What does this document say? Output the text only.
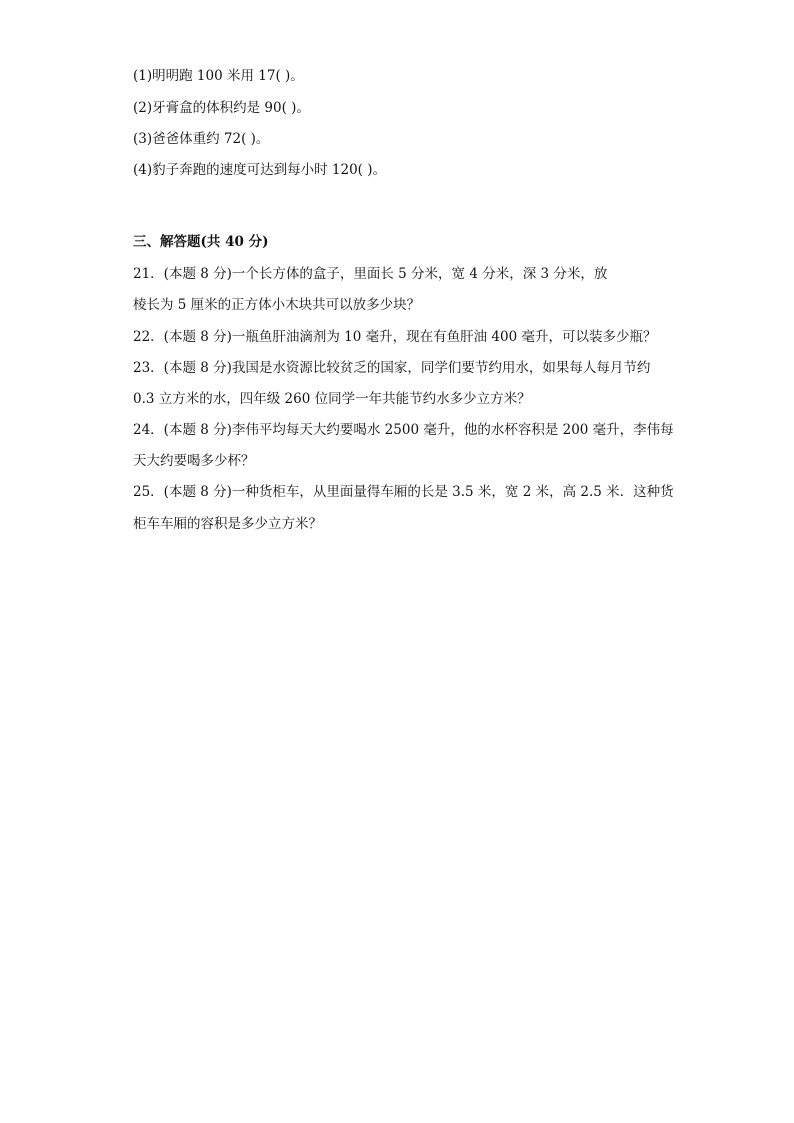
(1)明明跑 100 米用 17( )。
(2)牙膏盒的体积约是 90( )。
(3)爸爸体重约 72( )。
(4)豹子奔跑的速度可达到每小时 120( )。
三、解答题(共 40 分)
21．(本题 8 分)一个长方体的盒子，里面长 5 分米，宽 4 分米，深 3 分米，放
棱长为 5 厘米的正方体小木块共可以放多少块？
22．(本题 8 分)一瓶鱼肝油滴剂为 10 毫升，现在有鱼肝油 400 毫升，可以装多少瓶？
23．(本题 8 分)我国是水资源比较贫乏的国家，同学们要节约用水，如果每人每月节约
0.3 立方米的水，四年级 260 位同学一年共能节约水多少立方米？
24．(本题 8 分)李伟平均每天大约要喝水 2500 毫升，他的水杯容积是 200 毫升，李伟每
天大约要喝多少杯？
25．(本题 8 分)一种货柜车，从里面量得车厢的长是 3.5 米，宽 2 米，高 2.5 米．这种货
柜车车厢的容积是多少立方米？
